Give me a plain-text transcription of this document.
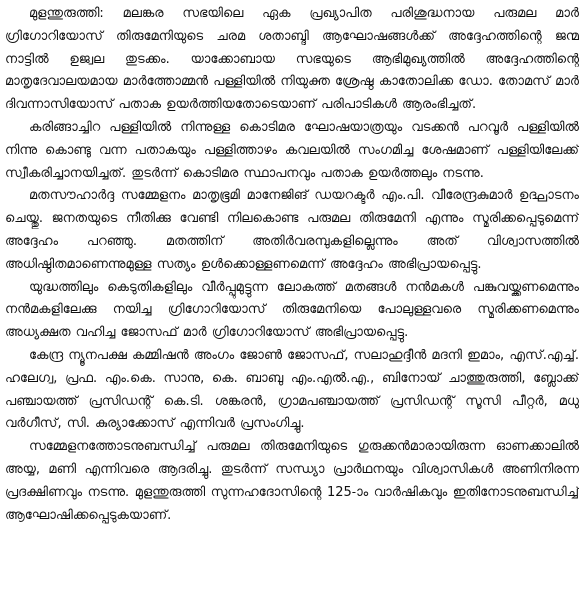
മുളന്തുരുത്തി: മലങ്കര സഭയിലെ ഏക പ്രഖ്യാപിത പരിശുദ്ധനായ പരുമല മാർ ഗ്രിഗോറിയോസ് തിരുമേനിയുടെ ചരമ ശതാബ്ദി ആഘോഷങ്ങൾക്ക് അദ്ദേഹത്തിന്റെ ജന്മ നാട്ടിൽ ഉജ്വല തുടക്കം. യാക്കോബായ സഭയുടെ ആഭിമുഖ്യത്തിൽ അദ്ദേഹത്തിന്റെ മാതൃദേവാലയമായ മാർത്തോമ്മൻ പള്ളിയിൽ നിയുക്ത ശ്രേഷ്ഠ കാതോലിക്ക ഡോ. തോമസ് മാർ ദിവന്നാസിയോസ് പതാക ഉയർത്തിയതോടെയാണ് പരിപാടികൾ ആരംഭിച്ചത്.

കരിങ്ങാച്ചിറ പള്ളിയിൽ നിന്നുള്ള കൊടിമര ഘോഷയാത്രയും വടക്കൻ പറവൂർ പള്ളിയിൽ നിന്നു കൊണ്ടു വന്ന പതാകയും പള്ളിത്താഴം കവലയിൽ സംഗമിച്ച ശേഷമാണ് പള്ളിയിലേക്ക് സ്വീകരിച്ചാനയിച്ചത്. തുടർന്ന് കൊടിമര സ്ഥാപനവും പതാക ഉയർത്തലും നടന്നു.

മതസൗഹാർദ്ദ സമ്മേളനം മാതൃഭൂമി മാനേജിങ് ഡയറക്ടർ എം.പി. വീരേന്ദ്രകുമാർ ഉദ്ഘാടനം ചെയ്തു. ജനതയുടെ നീതിക്കു വേണ്ടി നിലകൊണ്ട പരുമല തിരുമേനി എന്നും സ്മരിക്കപ്പെടുമെന്ന് അദ്ദേഹം പറഞ്ഞു. മതത്തിന് അതിർവരമ്പുകളില്ലെന്നും അത് വിശ്വാസത്തിൽ അധിഷ്ഠിതമാണെന്നുമുള്ള സത്യം ഉൾക്കൊള്ളണമെന്ന് അദ്ദേഹം അഭിപ്രായപ്പെട്ടു.

യുദ്ധത്തിലും കെടുതികളിലും വീർപ്പുമുട്ടുന്ന ലോകത്ത് മതങ്ങൾ നൻമകൾ പങ്കുവയ്ക്കണമെന്നും നൻമകളിലേക്കു നയിച്ച ഗ്രിഗോറിയോസ് തിരുമേനിയെ പോലുള്ളവരെ സ്മരിക്കണമെന്നും അധ്യക്ഷത വഹിച്ച ജോസഫ് മാർ ഗ്രിഗോറിയോസ് അഭിപ്രായപ്പെട്ടു.

കേന്ദ്ര ന്യൂനപക്ഷ കമ്മിഷൻ അംഗം ജോൺ ജോസഫ്, സലാഹുദ്ദീൻ മദനി ഇമാം, എസ്.എച്ച്. ഹലേഗ്വ, പ്രഫ. എം.കെ. സാനു, കെ. ബാബു എം.എൽ.എ., ബിനോയ് ചാത്തുരുത്തി, ബ്ലോക്ക് പഞ്ചായത്ത് പ്രസിഡന്റ് കെ.ടി. ശങ്കരൻ, ഗ്രാമപഞ്ചായത്ത് പ്രസിഡന്റ് സൂസി പീറ്റർ, മധു വർഗീസ്, സി. കുര്യാക്കോസ് എന്നിവർ പ്രസംഗിച്ചു.

സമ്മേളനത്തോടനുബന്ധിച്ച് പരുമല തിരുമേനിയുടെ ഗുരുക്കൻമാരായിരുന്ന ഓണക്കാലിൽ അയ്യ, മണി എന്നിവരെ ആദരിച്ചു. തുടർന്ന് സന്ധ്യാ പ്രാർഥനയും വിശ്വാസികൾ അണിനിരന്ന പ്രദക്ഷിണവും നടന്നു. മുളന്തുരുത്തി സുന്നഹദോസിന്റെ 125-ാം വാർഷികവും ഇതിനോടനുബന്ധിച്ച് ആഘോഷിക്കപ്പെടുകയാണ്.
